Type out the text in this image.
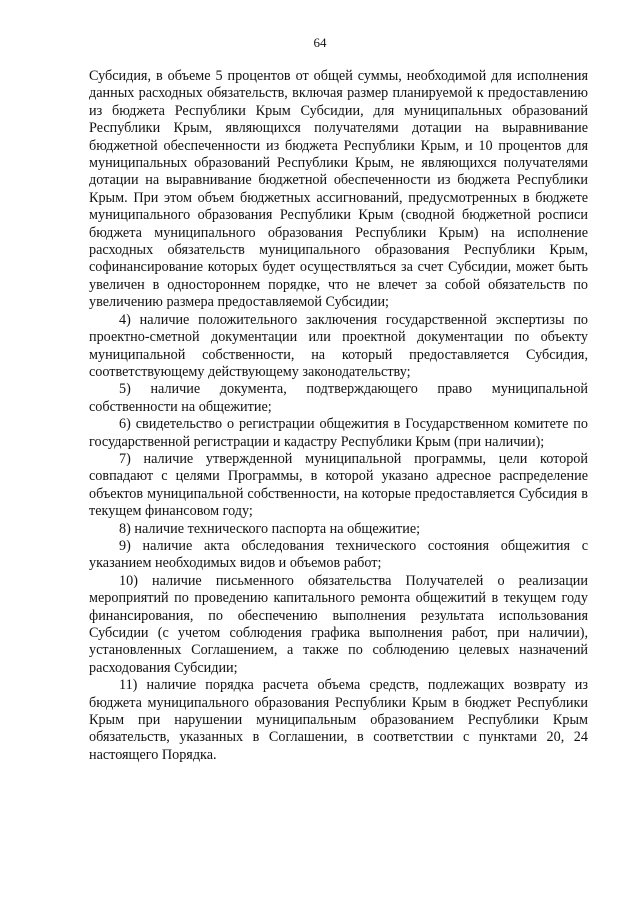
64

Субсидия, в объеме 5 процентов от общей суммы, необходимой для исполнения данных расходных обязательств, включая размер планируемой к предоставлению из бюджета Республики Крым Субсидии, для муниципальных образований Республики Крым, являющихся получателями дотации на выравнивание бюджетной обеспеченности из бюджета Республики Крым, и 10 процентов для муниципальных образований Республики Крым, не являющихся получателями дотации на выравнивание бюджетной обеспеченности из бюджета Республики Крым. При этом объем бюджетных ассигнований, предусмотренных в бюджете муниципального образования Республики Крым (сводной бюджетной росписи бюджета муниципального образования Республики Крым) на исполнение расходных обязательств муниципального образования Республики Крым, софинансирование которых будет осуществляться за счет Субсидии, может быть увеличен в одностороннем порядке, что не влечет за собой обязательств по увеличению размера предоставляемой Субсидии;

4) наличие положительного заключения государственной экспертизы по проектно-сметной документации или проектной документации по объекту муниципальной собственности, на который предоставляется Субсидия, соответствующему действующему законодательству;

5) наличие документа, подтверждающего право муниципальной собственности на общежитие;

6) свидетельство о регистрации общежития в Государственном комитете по государственной регистрации и кадастру Республики Крым (при наличии);

7) наличие утвержденной муниципальной программы, цели которой совпадают с целями Программы, в которой указано адресное распределение объектов муниципальной собственности, на которые предоставляется Субсидия в текущем финансовом году;

8) наличие технического паспорта на общежитие;

9) наличие акта обследования технического состояния общежития с указанием необходимых видов и объемов работ;

10) наличие письменного обязательства Получателей о реализации мероприятий по проведению капитального ремонта общежитий в текущем году финансирования, по обеспечению выполнения результата использования Субсидии (с учетом соблюдения графика выполнения работ, при наличии), установленных Соглашением, а также по соблюдению целевых назначений расходования Субсидии;

11) наличие порядка расчета объема средств, подлежащих возврату из бюджета муниципального образования Республики Крым в бюджет Республики Крым при нарушении муниципальным образованием Республики Крым обязательств, указанных в Соглашении, в соответствии с пунктами 20, 24 настоящего Порядка.
